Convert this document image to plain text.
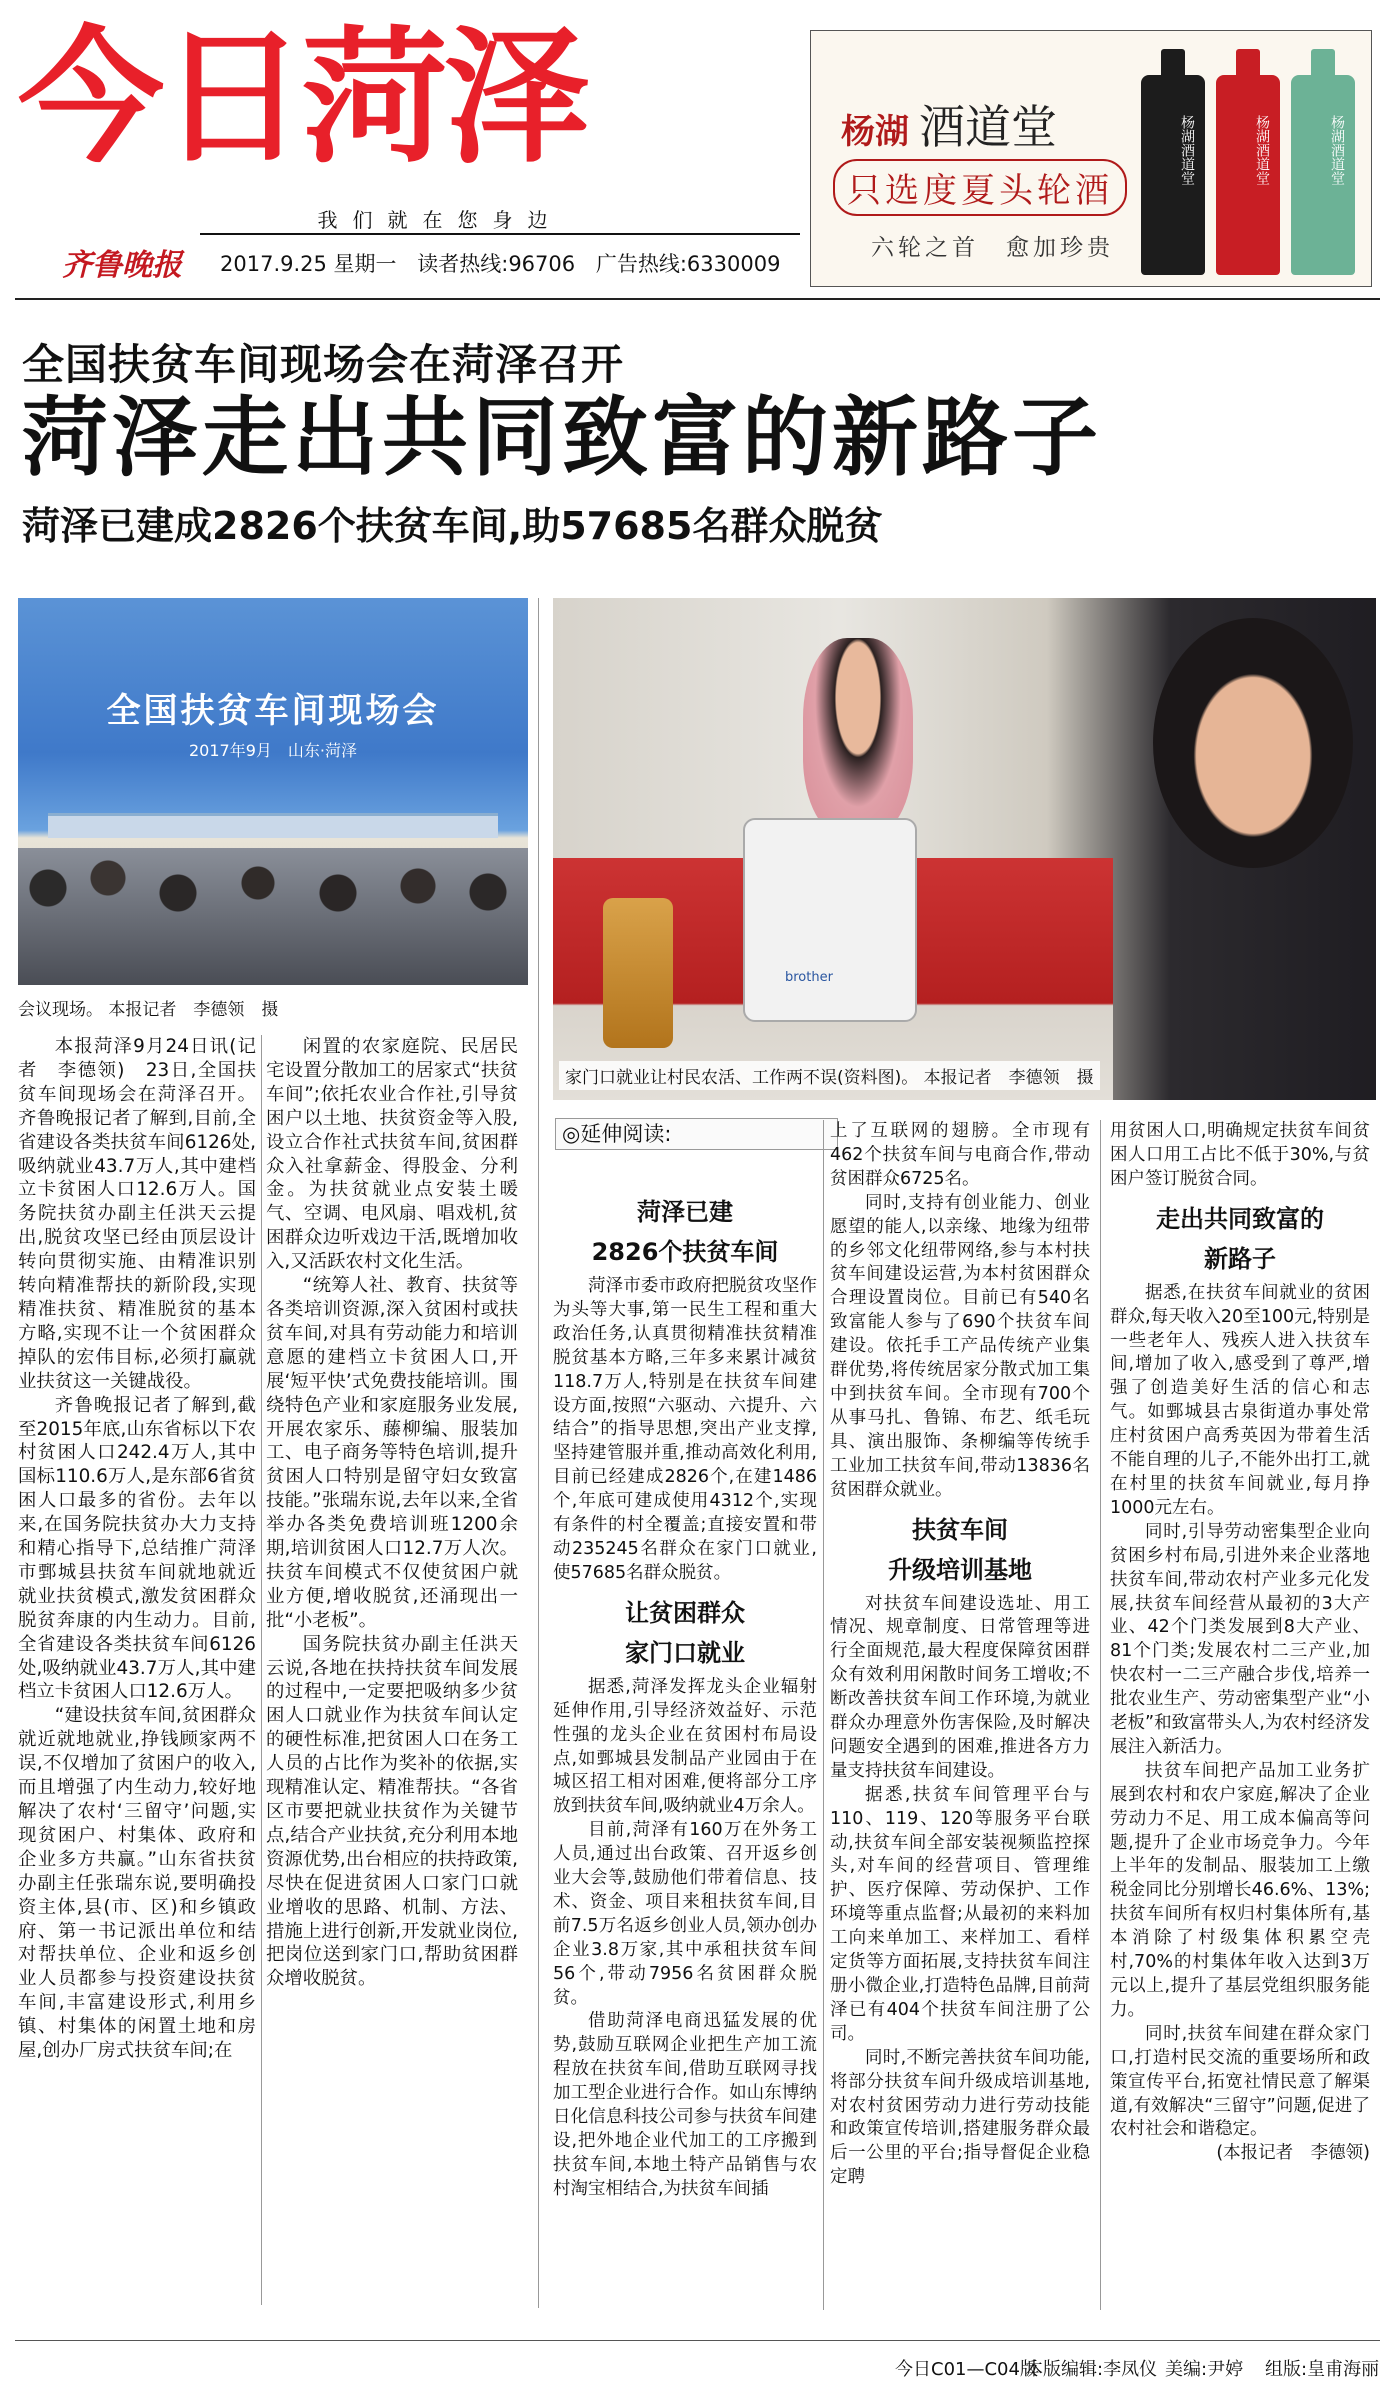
今日菏泽
我们就在您身边
齐鲁晚报 2017.9.25 星期一 读者热线:96706 广告热线:6330009
杨湖 酒道堂
只选度夏头轮酒
六轮之首　愈加珍贵
杨湖酒道堂	杨湖酒道堂	杨湖酒道堂
全国扶贫车间现场会在菏泽召开
菏泽走出共同致富的新路子
菏泽已建成2826个扶贫车间,助57685名群众脱贫
全国扶贫车间现场会
2017年9月　山东·菏泽
会议现场。 本报记者　李德领　摄
brother
家门口就业让村民农活、工作两不误(资料图)。 本报记者　李德领　摄
◎延伸阅读:

本报菏泽9月24日讯(记者　李德领)　23日,全国扶贫车间现场会在菏泽召开。齐鲁晚报记者了解到,目前,全省建设各类扶贫车间6126处,吸纳就业43.7万人,其中建档立卡贫困人口12.6万人。国务院扶贫办副主任洪天云提出,脱贫攻坚已经由顶层设计转向贯彻实施、由精准识别转向精准帮扶的新阶段,实现精准扶贫、精准脱贫的基本方略,实现不让一个贫困群众掉队的宏伟目标,必须打赢就业扶贫这一关键战役。

齐鲁晚报记者了解到,截至2015年底,山东省标以下农村贫困人口242.4万人,其中国标110.6万人,是东部6省贫困人口最多的省份。去年以来,在国务院扶贫办大力支持和精心指导下,总结推广菏泽市鄄城县扶贫车间就地就近就业扶贫模式,激发贫困群众脱贫奔康的内生动力。目前,全省建设各类扶贫车间6126处,吸纳就业43.7万人,其中建档立卡贫困人口12.6万人。

“建设扶贫车间,贫困群众就近就地就业,挣钱顾家两不误,不仅增加了贫困户的收入,而且增强了内生动力,较好地解决了农村‘三留守’问题,实现贫困户、村集体、政府和企业多方共赢。”山东省扶贫办副主任张瑞东说,要明确投资主体,县(市、区)和乡镇政府、第一书记派出单位和结对帮扶单位、企业和返乡创业人员都参与投资建设扶贫车间,丰富建设形式,利用乡镇、村集体的闲置土地和房屋,创办厂房式扶贫车间;在

闲置的农家庭院、民居民宅设置分散加工的居家式“扶贫车间”;依托农业合作社,引导贫困户以土地、扶贫资金等入股,设立合作社式扶贫车间,贫困群众入社拿薪金、得股金、分利金。为扶贫就业点安装土暖气、空调、电风扇、唱戏机,贫困群众边听戏边干活,既增加收入,又活跃农村文化生活。

“统筹人社、教育、扶贫等各类培训资源,深入贫困村或扶贫车间,对具有劳动能力和培训意愿的建档立卡贫困人口,开展‘短平快’式免费技能培训。围绕特色产业和家庭服务业发展,开展农家乐、藤柳编、服装加工、电子商务等特色培训,提升贫困人口特别是留守妇女致富技能。”张瑞东说,去年以来,全省举办各类免费培训班1200余期,培训贫困人口12.7万人次。扶贫车间模式不仅使贫困户就业方便,增收脱贫,还涌现出一批“小老板”。

国务院扶贫办副主任洪天云说,各地在扶持扶贫车间发展的过程中,一定要把吸纳多少贫困人口就业作为扶贫车间认定的硬性标准,把贫困人口在务工人员的占比作为奖补的依据,实现精准认定、精准帮扶。“各省区市要把就业扶贫作为关键节点,结合产业扶贫,充分利用本地资源优势,出台相应的扶持政策,尽快在促进贫困人口家门口就业增收的思路、机制、方法、措施上进行创新,开发就业岗位,把岗位送到家门口,帮助贫困群众增收脱贫。

菏泽已建

2826个扶贫车间

菏泽市委市政府把脱贫攻坚作为头等大事,第一民生工程和重大政治任务,认真贯彻精准扶贫精准脱贫基本方略,三年多来累计减贫118.7万人,特别是在扶贫车间建设方面,按照“六驱动、六提升、六结合”的指导思想,突出产业支撑,坚持建管服并重,推动高效化利用,目前已经建成2826个,在建1486个,年底可建成使用4312个,实现有条件的村全覆盖;直接安置和带动235245名群众在家门口就业,使57685名群众脱贫。

让贫困群众

家门口就业

据悉,菏泽发挥龙头企业辐射延伸作用,引导经济效益好、示范性强的龙头企业在贫困村布局设点,如鄄城县发制品产业园由于在城区招工相对困难,便将部分工序放到扶贫车间,吸纳就业4万余人。

目前,菏泽有160万在外务工人员,通过出台政策、召开返乡创业大会等,鼓励他们带着信息、技术、资金、项目来租扶贫车间,目前7.5万名返乡创业人员,领办创办企业3.8万家,其中承租扶贫车间56个,带动7956名贫困群众脱贫。

借助菏泽电商迅猛发展的优势,鼓励互联网企业把生产加工流程放在扶贫车间,借助互联网寻找加工型企业进行合作。如山东博纳日化信息科技公司参与扶贫车间建设,把外地企业代加工的工序搬到扶贫车间,本地土特产品销售与农村淘宝相结合,为扶贫车间插

上了互联网的翅膀。全市现有462个扶贫车间与电商合作,带动贫困群众6725名。

同时,支持有创业能力、创业愿望的能人,以亲缘、地缘为纽带的乡邻文化纽带网络,参与本村扶贫车间建设运营,为本村贫困群众合理设置岗位。目前已有540名致富能人参与了690个扶贫车间建设。依托手工产品传统产业集群优势,将传统居家分散式加工集中到扶贫车间。全市现有700个从事马扎、鲁锦、布艺、纸毛玩具、演出服饰、条柳编等传统手工业加工扶贫车间,带动13836名贫困群众就业。

扶贫车间

升级培训基地

对扶贫车间建设选址、用工情况、规章制度、日常管理等进行全面规范,最大程度保障贫困群众有效利用闲散时间务工增收;不断改善扶贫车间工作环境,为就业群众办理意外伤害保险,及时解决问题安全遇到的困难,推进各方力量支持扶贫车间建设。

据悉,扶贫车间管理平台与110、119、120等服务平台联动,扶贫车间全部安装视频监控探头,对车间的经营项目、管理维护、医疗保障、劳动保护、工作环境等重点监督;从最初的来料加工向来单加工、来样加工、看样定货等方面拓展,支持扶贫车间注册小微企业,打造特色品牌,目前菏泽已有404个扶贫车间注册了公司。

同时,不断完善扶贫车间功能,将部分扶贫车间升级成培训基地,对农村贫困劳动力进行劳动技能和政策宣传培训,搭建服务群众最后一公里的平台;指导督促企业稳定聘

用贫困人口,明确规定扶贫车间贫困人口用工占比不低于30%,与贫困户签订脱贫合同。

走出共同致富的

新路子

据悉,在扶贫车间就业的贫困群众,每天收入20至100元,特别是一些老年人、残疾人进入扶贫车间,增加了收入,感受到了尊严,增强了创造美好生活的信心和志气。如鄄城县古泉街道办事处常庄村贫困户高秀英因为带着生活不能自理的儿子,不能外出打工,就在村里的扶贫车间就业,每月挣1000元左右。

同时,引导劳动密集型企业向贫困乡村布局,引进外来企业落地扶贫车间,带动农村产业多元化发展,扶贫车间经营从最初的3大产业、42个门类发展到8大产业、81个门类;发展农村二三产业,加快农村一二三产融合步伐,培养一批农业生产、劳动密集型产业“小老板”和致富带头人,为农村经济发展注入新活力。

扶贫车间把产品加工业务扩展到农村和农户家庭,解决了企业劳动力不足、用工成本偏高等问题,提升了企业市场竞争力。今年上半年的发制品、服装加工上缴税金同比分别增长46.6%、13%;扶贫车间所有权归村集体所有,基本消除了村级集体积累空壳村,70%的村集体年收入达到3万元以上,提升了基层党组织服务能力。

同时,扶贫车间建在群众家门口,打造村民交流的重要场所和政策宣传平台,拓宽社情民意了解渠道,有效解决“三留守”问题,促进了农村社会和谐稳定。

(本报记者　李德领)

今日C01—C04版
本版编辑:李凤仪 美编:尹婷 组版:皇甫海丽
